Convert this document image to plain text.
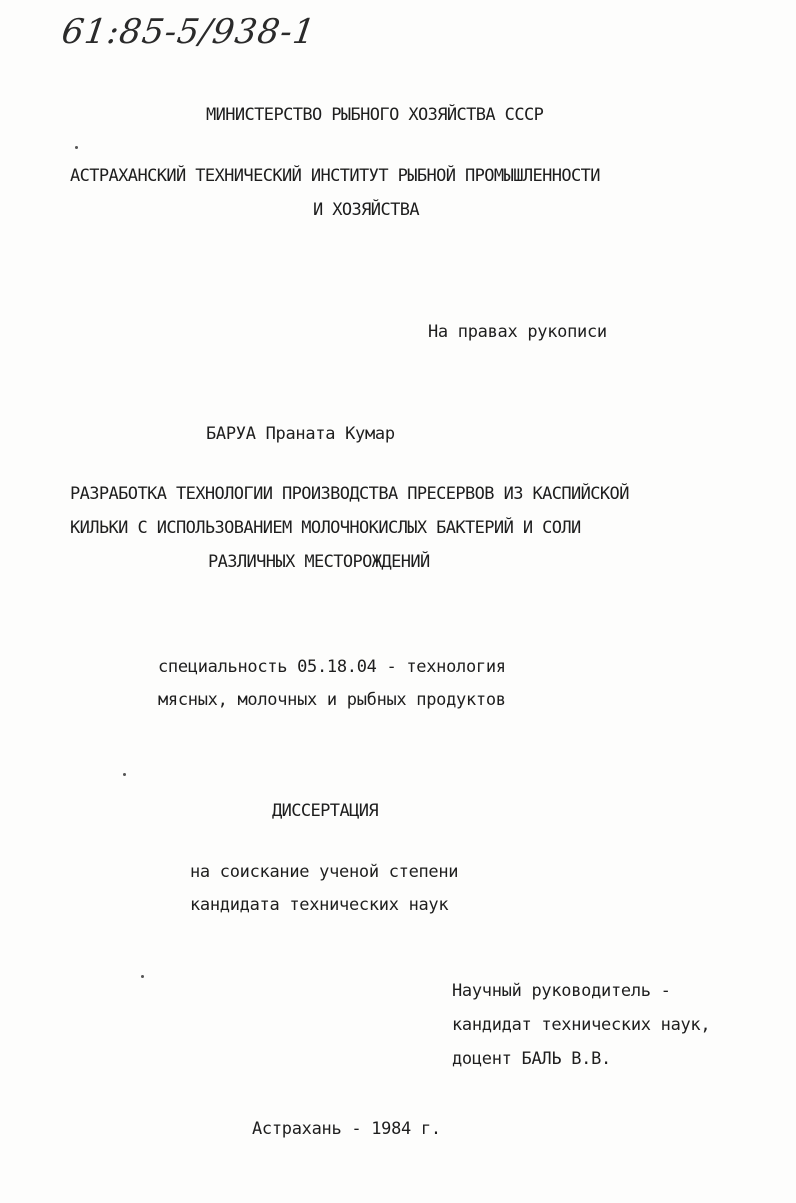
61:85-5/938-1
МИНИСТЕРСТВО РЫБНОГО ХОЗЯЙСТВА СССР
АСТРАХАНСКИЙ ТЕХНИЧЕСКИЙ ИНСТИТУТ РЫБНОЙ ПРОМЫШЛЕННОСТИ
И ХОЗЯЙСТВА
На правах рукописи
БАРУА Праната Кумар
РАЗРАБОТКА ТЕХНОЛОГИИ ПРОИЗВОДСТВА ПРЕСЕРВОВ ИЗ КАСПИЙСКОЙ
КИЛЬКИ С ИСПОЛЬЗОВАНИЕМ МОЛОЧНОКИСЛЫХ БАКТЕРИЙ И СОЛИ
РАЗЛИЧНЫХ МЕСТОРОЖДЕНИЙ
специальность 05.18.04 - технология
мясных, молочных и рыбных продуктов
ДИССЕРТАЦИЯ
на соискание ученой степени
кандидата технических наук
Научный руководитель -
кандидат технических наук,
доцент БАЛЬ В.В.
Астрахань - 1984 г.
